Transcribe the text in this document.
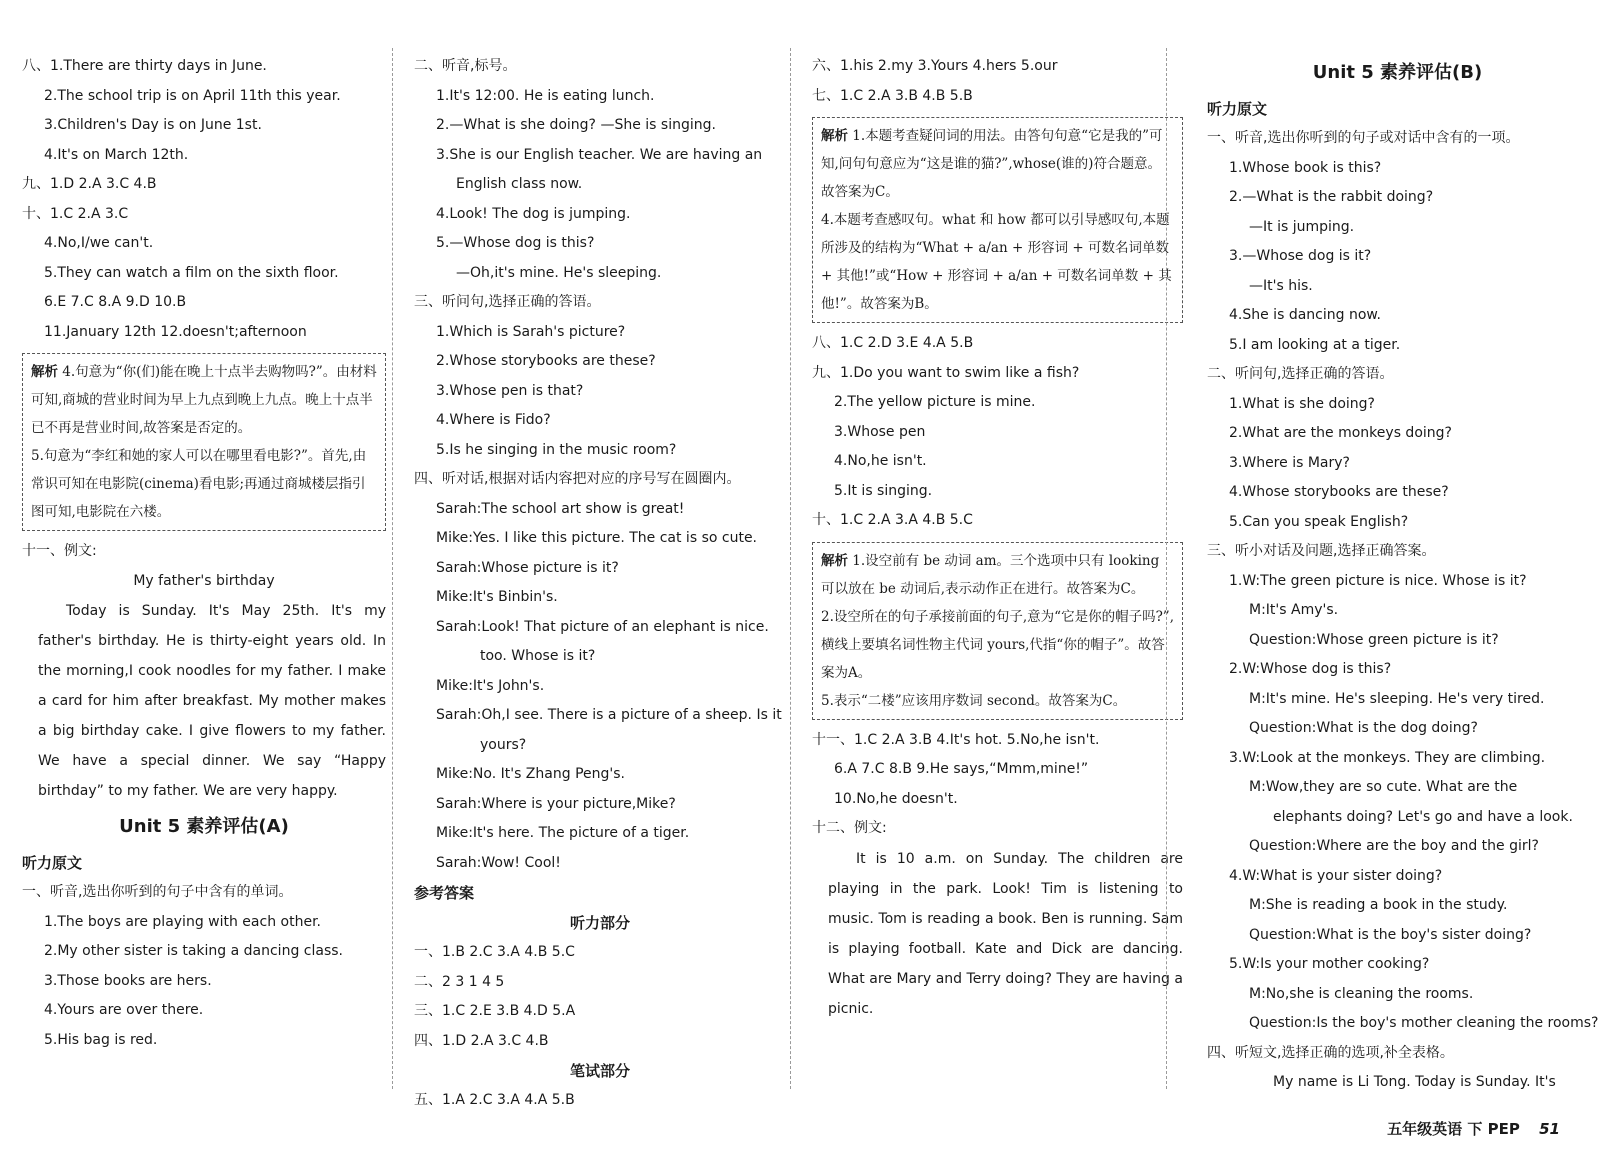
八、1.There are thirty days in June.
2.The school trip is on April 11th this year.
3.Children's Day is on June 1st.
4.It's on March 12th.
九、1.D 2.A 3.C 4.B
十、1.C 2.A 3.C
4.No,I/we can't.
5.They can watch a film on the sixth floor.
6.E 7.C 8.A 9.D 10.B
11.January 12th 12.doesn't;afternoon
解析 4.句意为“你(们)能在晚上十点半去购物吗?”。由材料可知,商城的营业时间为早上九点到晚上九点。晚上十点半已不再是营业时间,故答案是否定的。
5.句意为“李红和她的家人可以在哪里看电影?”。首先,由常识可知在电影院(cinema)看电影;再通过商城楼层指引图可知,电影院在六楼。
十一、例文:
My father's birthday
Today is Sunday. It's May 25th. It's my father's birthday. He is thirty-eight years old. In the morning,I cook noodles for my father. I make a card for him after breakfast. My mother makes a big birthday cake. I give flowers to my father. We have a special dinner. We say “Happy birthday” to my father. We are very happy.
Unit 5 素养评估(A)
听力原文
一、听音,选出你听到的句子中含有的单词。
1.The boys are playing with each other.
2.My other sister is taking a dancing class.
3.Those books are hers.
4.Yours are over there.
5.His bag is red.
二、听音,标号。
1.It's 12:00. He is eating lunch.
2.—What is she doing? —She is singing.
3.She is our English teacher. We are having an
English class now.
4.Look! The dog is jumping.
5.—Whose dog is this?
—Oh,it's mine. He's sleeping.
三、听问句,选择正确的答语。
1.Which is Sarah's picture?
2.Whose storybooks are these?
3.Whose pen is that?
4.Where is Fido?
5.Is he singing in the music room?
四、听对话,根据对话内容把对应的序号写在圆圈内。
Sarah:The school art show is great!
Mike:Yes. I like this picture. The cat is so cute.
Sarah:Whose picture is it?
Mike:It's Binbin's.
Sarah:Look! That picture of an elephant is nice.
too. Whose is it?
Mike:It's John's.
Sarah:Oh,I see. There is a picture of a sheep. Is it
yours?
Mike:No. It's Zhang Peng's.
Sarah:Where is your picture,Mike?
Mike:It's here. The picture of a tiger.
Sarah:Wow! Cool!
参考答案
听力部分
一、1.B 2.C 3.A 4.B 5.C
二、2 3 1 4 5
三、1.C 2.E 3.B 4.D 5.A
四、1.D 2.A 3.C 4.B
笔试部分
五、1.A 2.C 3.A 4.A 5.B
六、1.his 2.my 3.Yours 4.hers 5.our
七、1.C 2.A 3.B 4.B 5.B
解析 1.本题考查疑问词的用法。由答句句意“它是我的”可知,问句句意应为“这是谁的猫?”,whose(谁的)符合题意。故答案为C。
4.本题考查感叹句。what 和 how 都可以引导感叹句,本题所涉及的结构为“What + a/an + 形容词 + 可数名词单数 + 其他!”或“How + 形容词 + a/an + 可数名词单数 + 其他!”。故答案为B。
八、1.C 2.D 3.E 4.A 5.B
九、1.Do you want to swim like a fish?
2.The yellow picture is mine.
3.Whose pen
4.No,he isn't.
5.It is singing.
十、1.C 2.A 3.A 4.B 5.C
解析 1.设空前有 be 动词 am。三个选项中只有 looking 可以放在 be 动词后,表示动作正在进行。故答案为C。
2.设空所在的句子承接前面的句子,意为“它是你的帽子吗?”,横线上要填名词性物主代词 yours,代指“你的帽子”。故答案为A。
5.表示“二楼”应该用序数词 second。故答案为C。
十一、1.C 2.A 3.B 4.It's hot. 5.No,he isn't.
6.A 7.C 8.B 9.He says,“Mmm,mine!”
10.No,he doesn't.
十二、例文:
It is 10 a.m. on Sunday. The children are playing in the park. Look! Tim is listening to music. Tom is reading a book. Ben is running. Sam is playing football. Kate and Dick are dancing. What are Mary and Terry doing? They are having a picnic.
Unit 5 素养评估(B)
听力原文
一、听音,选出你听到的句子或对话中含有的一项。
1.Whose book is this?
2.—What is the rabbit doing?
—It is jumping.
3.—Whose dog is it?
—It's his.
4.She is dancing now.
5.I am looking at a tiger.
二、听问句,选择正确的答语。
1.What is she doing?
2.What are the monkeys doing?
3.Where is Mary?
4.Whose storybooks are these?
5.Can you speak English?
三、听小对话及问题,选择正确答案。
1.W:The green picture is nice. Whose is it?
M:It's Amy's.
Question:Whose green picture is it?
2.W:Whose dog is this?
M:It's mine. He's sleeping. He's very tired.
Question:What is the dog doing?
3.W:Look at the monkeys. They are climbing.
M:Wow,they are so cute. What are the
elephants doing? Let's go and have a look.
Question:Where are the boy and the girl?
4.W:What is your sister doing?
M:She is reading a book in the study.
Question:What is the boy's sister doing?
5.W:Is your mother cooking?
M:No,she is cleaning the rooms.
Question:Is the boy's mother cleaning the rooms?
四、听短文,选择正确的选项,补全表格。
My name is Li Tong. Today is Sunday. It's
五年级英语 下 PEP 51
